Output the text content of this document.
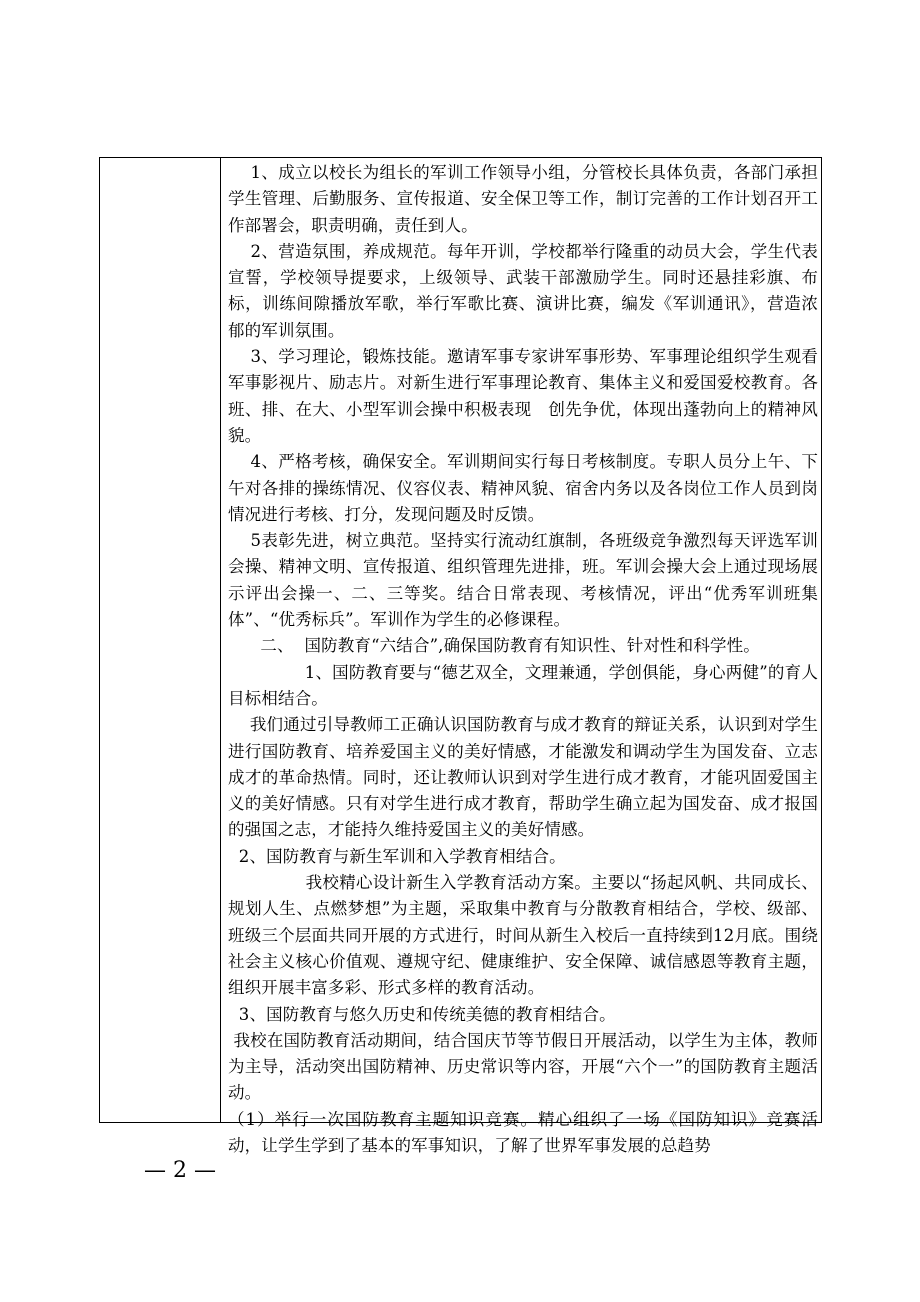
1、成立以校长为组长的军训工作领导小组，分管校长具体负责，各部门承担学生管理、后勤服务、宣传报道、安全保卫等工作，制订完善的工作计划召开工作部署会，职责明确，责任到人。

2、营造氛围，养成规范。每年开训，学校都举行隆重的动员大会，学生代表宣誓，学校领导提要求，上级领导、武装干部激励学生。同时还悬挂彩旗、布标，训练间隙播放军歌，举行军歌比赛、演讲比赛，编发《军训通讯》，营造浓郁的军训氛围。

3、学习理论，锻炼技能。邀请军事专家讲军事形势、军事理论组织学生观看军事影视片、励志片。对新生进行军事理论教育、集体主义和爱国爱校教育。各班、排、在大、小型军训会操中积极表现   创先争优，体现出蓬勃向上的精神风貌。

4、严格考核，确保安全。军训期间实行每日考核制度。专职人员分上午、下午对各排的操练情况、仪容仪表、精神风貌、宿舍内务以及各岗位工作人员到岗情况进行考核、打分，发现问题及时反馈。

5表彰先进，树立典范。坚持实行流动红旗制，各班级竞争激烈每天评选军训会操、精神文明、宣传报道、组织管理先进排，班。军训会操大会上通过现场展示评出会操一、二、三等奖。结合日常表现、考核情况，评出“优秀军训班集体”、“优秀标兵”。军训作为学生的必修课程。

二、  国防教育“六结合”,确保国防教育有知识性、针对性和科学性。

1、国防教育要与“德艺双全，文理兼通，学创俱能，身心两健”的育人目标相结合。

我们通过引导教师工正确认识国防教育与成才教育的辩证关系，认识到对学生进行国防教育、培养爱国主义的美好情感，才能激发和调动学生为国发奋、立志成才的革命热情。同时，还让教师认识到对学生进行成才教育，才能巩固爱国主义的美好情感。只有对学生进行成才教育，帮助学生确立起为国发奋、成才报国的强国之志，才能持久维持爱国主义的美好情感。

2、国防教育与新生军训和入学教育相结合。

我校精心设计新生入学教育活动方案。主要以“扬起风帆、共同成长、规划人生、点燃梦想”为主题，采取集中教育与分散教育相结合，学校、级部、班级三个层面共同开展的方式进行，时间从新生入校后一直持续到12月底。围绕社会主义核心价值观、遵规守纪、健康维护、安全保障、诚信感恩等教育主题，组织开展丰富多彩、形式多样的教育活动。

3、国防教育与悠久历史和传统美德的教育相结合。

我校在国防教育活动期间，结合国庆节等节假日开展活动，以学生为主体，教师为主导，活动突出国防精神、历史常识等内容，开展“六个一”的国防教育主题活动。

（1）举行一次国防教育主题知识竞赛。精心组织了一场《国防知识》竞赛活动，让学生学到了基本的军事知识，了解了世界军事发展的总趋势

— 2 —
